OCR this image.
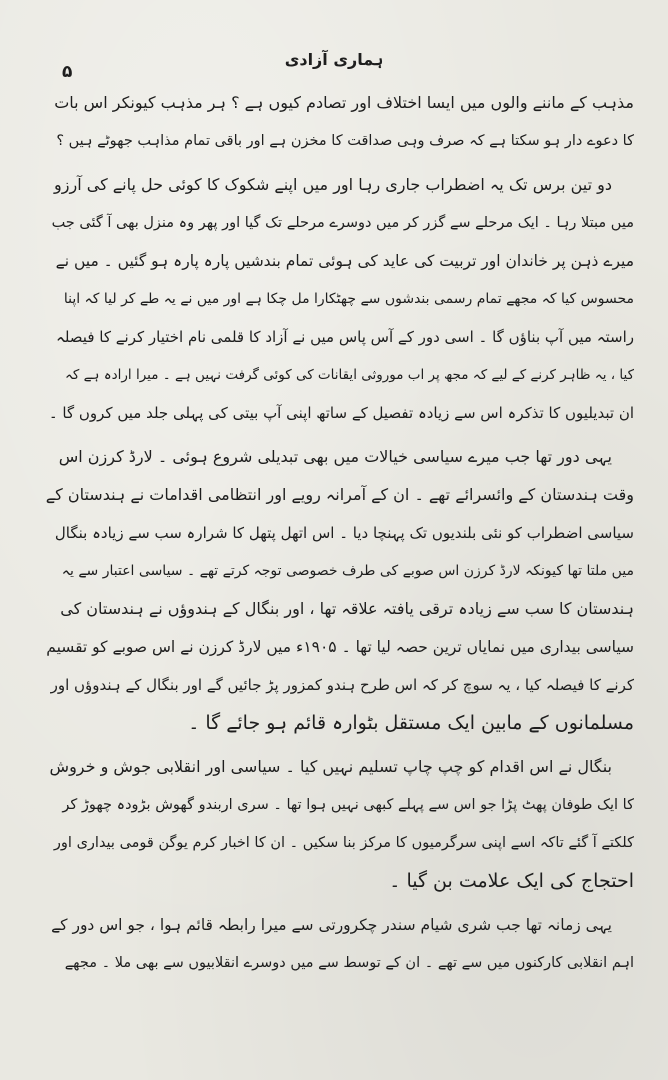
ہماری آزادی
۵
مذہب کے ماننے والوں میں ایسا اختلاف اور تصادم کیوں ہے ؟ ہر مذہب کیونکر اس بات
کا دعوے دار ہو سکتا ہے کہ صرف وہی صداقت کا مخزن ہے اور باقی تمام مذاہب جھوٹے ہیں ؟
دو تین برس تک یہ اضطراب جاری رہا اور میں اپنے شکوک کا کوئی حل پانے کی آرزو
میں مبتلا رہا ۔ ایک مرحلے سے گزر کر میں دوسرے مرحلے تک گیا اور پھر وہ منزل بھی آ گئی جب
میرے ذہن پر خاندان اور تربیت کی عاید کی ہوئی تمام بندشیں پارہ پارہ ہو گئیں ۔ میں نے
محسوس کیا کہ مجھے تمام رسمی بندشوں سے چھٹکارا مل چکا ہے اور میں نے یہ طے کر لیا کہ اپنا
راستہ میں آپ بناؤں گا ۔ اسی دور کے آس پاس میں نے آزاد کا قلمی نام اختیار کرنے کا فیصلہ
کیا ، یہ ظاہر کرنے کے لیے کہ مجھ پر اب موروثی ایقانات کی کوئی گرفت نہیں ہے ۔ میرا ارادہ ہے کہ
ان تبدیلیوں کا تذکرہ اس سے زیادہ تفصیل کے ساتھ اپنی آپ بیتی کی پہلی جلد میں کروں گا ۔
یہی دور تھا جب میرے سیاسی خیالات میں بھی تبدیلی شروع ہوئی ۔ لارڈ کرزن اس
وقت ہندستان کے وائسرائے تھے ۔ ان کے آمرانہ رویے اور انتظامی اقدامات نے ہندستان کے
سیاسی اضطراب کو نئی بلندیوں تک پہنچا دیا ۔ اس اتھل پتھل کا شرارہ سب سے زیادہ بنگال
میں ملتا تھا کیونکہ لارڈ کرزن اس صوبے کی طرف خصوصی توجہ کرتے تھے ۔ سیاسی اعتبار سے یہ
ہندستان کا سب سے زیادہ ترقی یافتہ علاقہ تھا ، اور بنگال کے ہندوؤں نے ہندستان کی
سیاسی بیداری میں نمایاں ترین حصہ لیا تھا ۔ ۱۹۰۵ء میں لارڈ کرزن نے اس صوبے کو تقسیم
کرنے کا فیصلہ کیا ، یہ سوچ کر کہ اس طرح ہندو کمزور پڑ جائیں گے اور بنگال کے ہندوؤں اور
مسلمانوں کے مابین ایک مستقل بٹوارہ قائم ہو جائے گا ۔
بنگال نے اس اقدام کو چپ چاپ تسلیم نہیں کیا ۔ سیاسی اور انقلابی جوش و خروش
کا ایک طوفان پھٹ پڑا جو اس سے پہلے کبھی نہیں ہوا تھا ۔ سری اربندو گھوش بڑودہ چھوڑ کر
کلکتے آ گئے تاکہ اسے اپنی سرگرمیوں کا مرکز بنا سکیں ۔ ان کا اخبار کرم یوگن قومی بیداری اور
احتجاج کی ایک علامت بن گیا ۔
یہی زمانہ تھا جب شری شیام سندر چکرورتی سے میرا رابطہ قائم ہوا ، جو اس دور کے
اہم انقلابی کارکنوں میں سے تھے ۔ ان کے توسط سے میں دوسرے انقلابیوں سے بھی ملا ۔ مجھے
